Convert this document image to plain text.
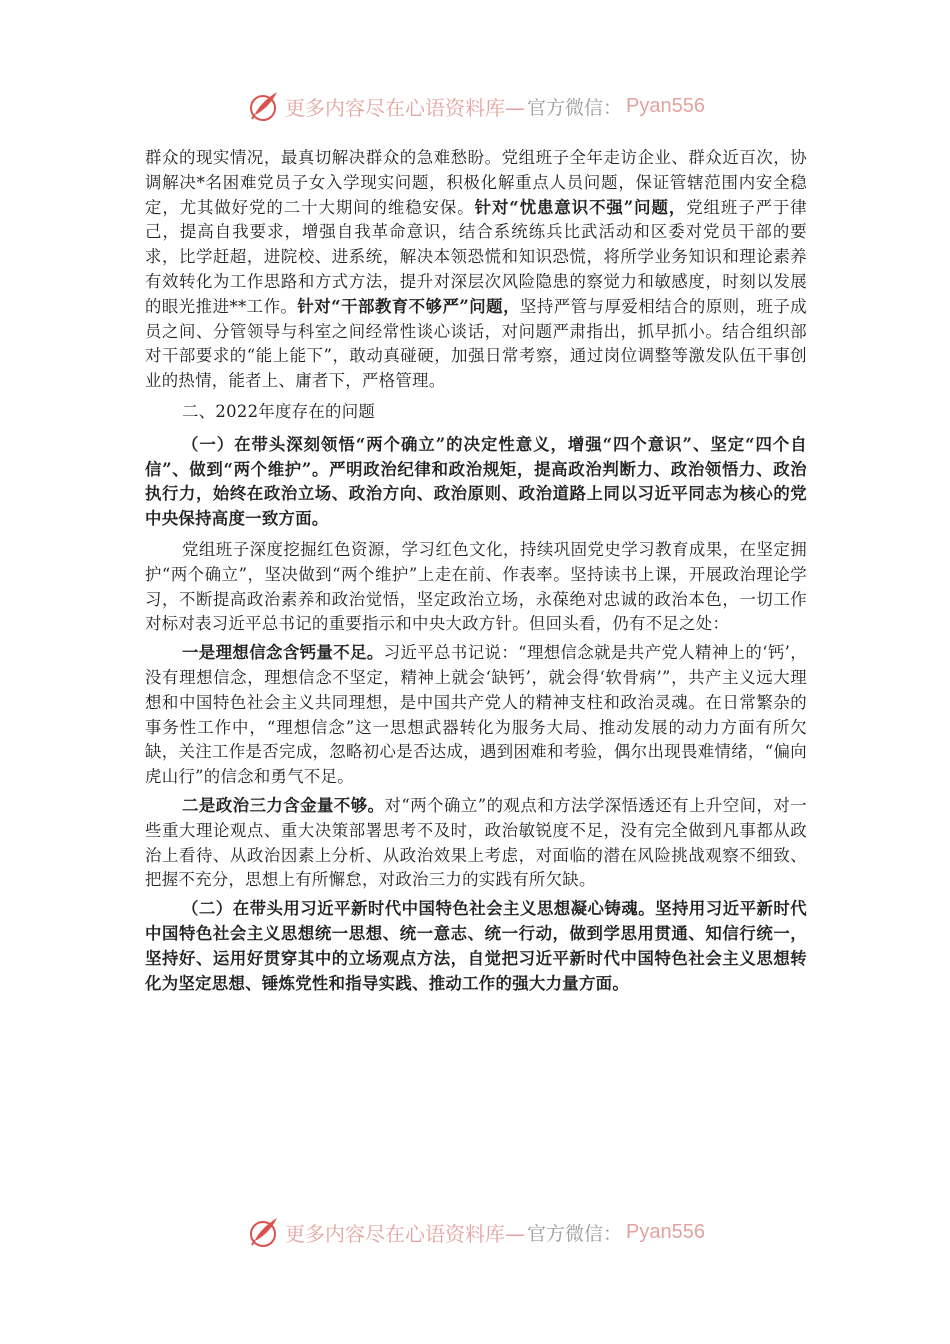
更多内容尽在心语资料库— 官方微信： Pyan556

群众的现实情况，最真切解决群众的急难愁盼。党组班子全年走访企业、群众近百次，协调解决*名困难党员子女入学现实问题，积极化解重点人员问题，保证管辖范围内安全稳定，尤其做好党的二十大期间的维稳安保。针对“忧患意识不强”问题，党组班子严于律己，提高自我要求，增强自我革命意识，结合系统练兵比武活动和区委对党员干部的要求，比学赶超，进院校、进系统，解决本领恐慌和知识恐慌，将所学业务知识和理论素养有效转化为工作思路和方式方法，提升对深层次风险隐患的察觉力和敏感度，时刻以发展的眼光推进**工作。针对“干部教育不够严”问题，坚持严管与厚爱相结合的原则，班子成员之间、分管领导与科室之间经常性谈心谈话，对问题严肃指出，抓早抓小。结合组织部对干部要求的“能上能下”，敢动真碰硬，加强日常考察，通过岗位调整等激发队伍干事创业的热情，能者上、庸者下，严格管理。

二、2022年度存在的问题

（一）在带头深刻领悟“两个确立”的决定性意义，增强“四个意识”、坚定“四个自信”、做到“两个维护”。严明政治纪律和政治规矩，提高政治判断力、政治领悟力、政治执行力，始终在政治立场、政治方向、政治原则、政治道路上同以习近平同志为核心的党中央保持高度一致方面。

党组班子深度挖掘红色资源，学习红色文化，持续巩固党史学习教育成果，在坚定拥护“两个确立”，坚决做到“两个维护”上走在前、作表率。坚持读书上课，开展政治理论学习，不断提高政治素养和政治觉悟，坚定政治立场，永葆绝对忠诚的政治本色，一切工作对标对表习近平总书记的重要指示和中央大政方针。但回头看，仍有不足之处：

一是理想信念含钙量不足。习近平总书记说：“理想信念就是共产党人精神上的‘钙’，没有理想信念，理想信念不坚定，精神上就会‘缺钙’，就会得‘软骨病’”，共产主义远大理想和中国特色社会主义共同理想，是中国共产党人的精神支柱和政治灵魂。在日常繁杂的事务性工作中，“理想信念”这一思想武器转化为服务大局、推动发展的动力方面有所欠缺，关注工作是否完成，忽略初心是否达成，遇到困难和考验，偶尔出现畏难情绪，“偏向虎山行”的信念和勇气不足。

二是政治三力含金量不够。对“两个确立”的观点和方法学深悟透还有上升空间，对一些重大理论观点、重大决策部署思考不及时，政治敏锐度不足，没有完全做到凡事都从政治上看待、从政治因素上分析、从政治效果上考虑，对面临的潜在风险挑战观察不细致、把握不充分，思想上有所懈怠，对政治三力的实践有所欠缺。

（二）在带头用习近平新时代中国特色社会主义思想凝心铸魂。坚持用习近平新时代中国特色社会主义思想统一思想、统一意志、统一行动，做到学思用贯通、知信行统一，坚持好、运用好贯穿其中的立场观点方法，自觉把习近平新时代中国特色社会主义思想转化为坚定思想、锤炼党性和指导实践、推动工作的强大力量方面。

更多内容尽在心语资料库— 官方微信： Pyan556
